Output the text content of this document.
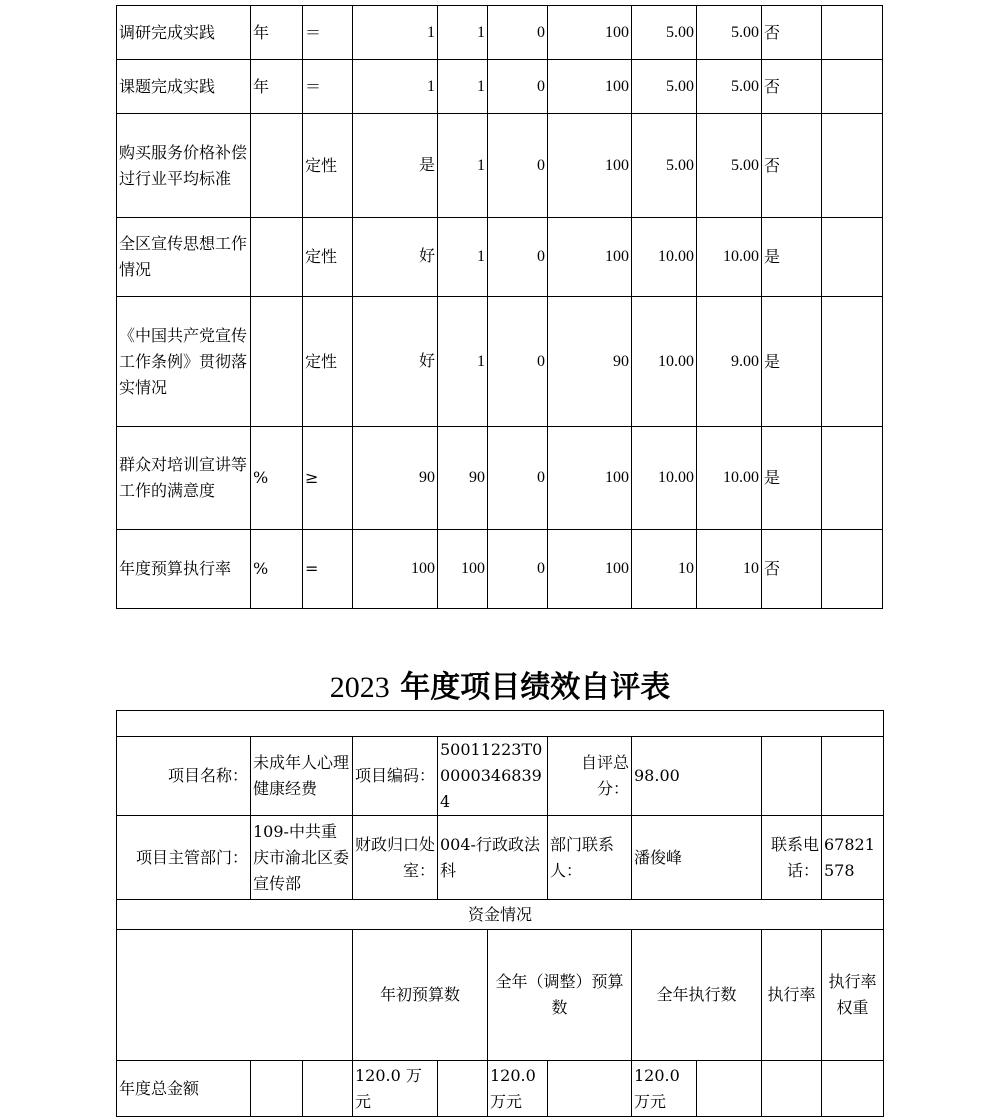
调研完成实践	年	＝	1	1	0	100	5.00	5.00	否	
课题完成实践	年	＝	1	1	0	100	5.00	5.00	否	
购买服务价格补偿过行业平均标准		定性	是	1	0	100	5.00	5.00	否	
全区宣传思想工作情况		定性	好	1	0	100	10.00	10.00	是	
《中国共产党宣传工作条例》贯彻落实情况		定性	好	1	0	90	10.00	9.00	是	
群众对培训宣讲等工作的满意度	%	≥	90	90	0	100	10.00	10.00	是	
年度预算执行率	%	=	100	100	0	100	10	10	否	
2023 年度项目绩效自评表

项目名称：	未成年人心理健康经费		项目编码：	50011223T000003468394		自评总分：	98.00				
项目主管部门：	109-中共重庆市渝北区委宣传部		财政归口处室：	004-行政政法科		部门联系人：	潘俊峰		联系电话：	67821578	
资金情况											
			年初预算数		全年（调整）预算数		全年执行数		执行率	执行率权重	
年度总金额			120.0 万元		120.0 万元		120.0 万元				
